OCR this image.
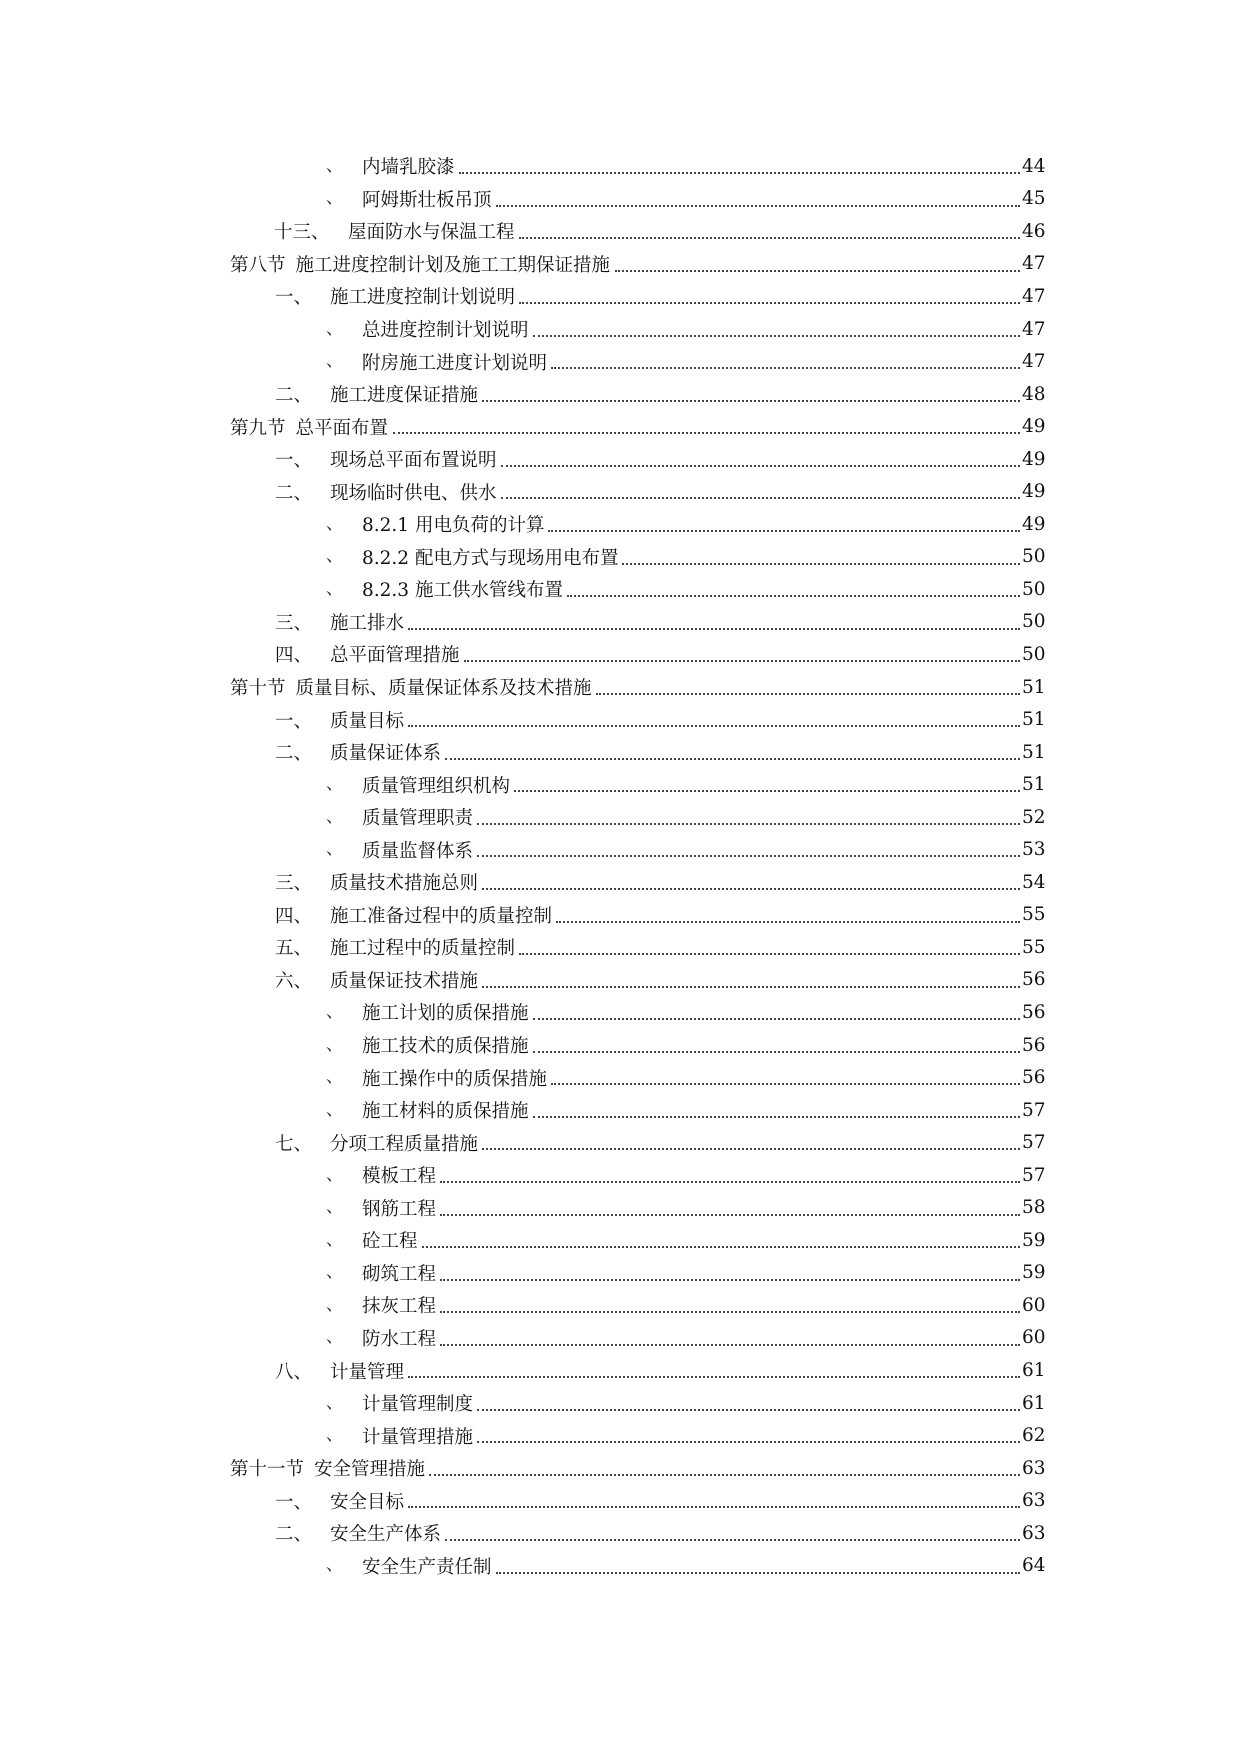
、 内墙乳胶漆	44
、 阿姆斯壮板吊顶	45
十三、 屋面防水与保温工程	46
第八节 施工进度控制计划及施工工期保证措施	47
一、 施工进度控制计划说明	47
、 总进度控制计划说明	47
、 附房施工进度计划说明	47
二、 施工进度保证措施	48
第九节 总平面布置	49
一、 现场总平面布置说明	49
二、 现场临时供电、供水	49
、 8.2.1 用电负荷的计算	49
、 8.2.2 配电方式与现场用电布置	50
、 8.2.3 施工供水管线布置	50
三、 施工排水	50
四、 总平面管理措施	50
第十节 质量目标、质量保证体系及技术措施	51
一、 质量目标	51
二、 质量保证体系	51
、 质量管理组织机构	51
、 质量管理职责	52
、 质量监督体系	53
三、 质量技术措施总则	54
四、 施工准备过程中的质量控制	55
五、 施工过程中的质量控制	55
六、 质量保证技术措施	56
、 施工计划的质保措施	56
、 施工技术的质保措施	56
、 施工操作中的质保措施	56
、 施工材料的质保措施	57
七、 分项工程质量措施	57
、 模板工程	57
、 钢筋工程	58
、 砼工程	59
、 砌筑工程	59
、 抹灰工程	60
、 防水工程	60
八、 计量管理	61
、 计量管理制度	61
、 计量管理措施	62
第十一节 安全管理措施	63
一、 安全目标	63
二、 安全生产体系	63
、 安全生产责任制	64
